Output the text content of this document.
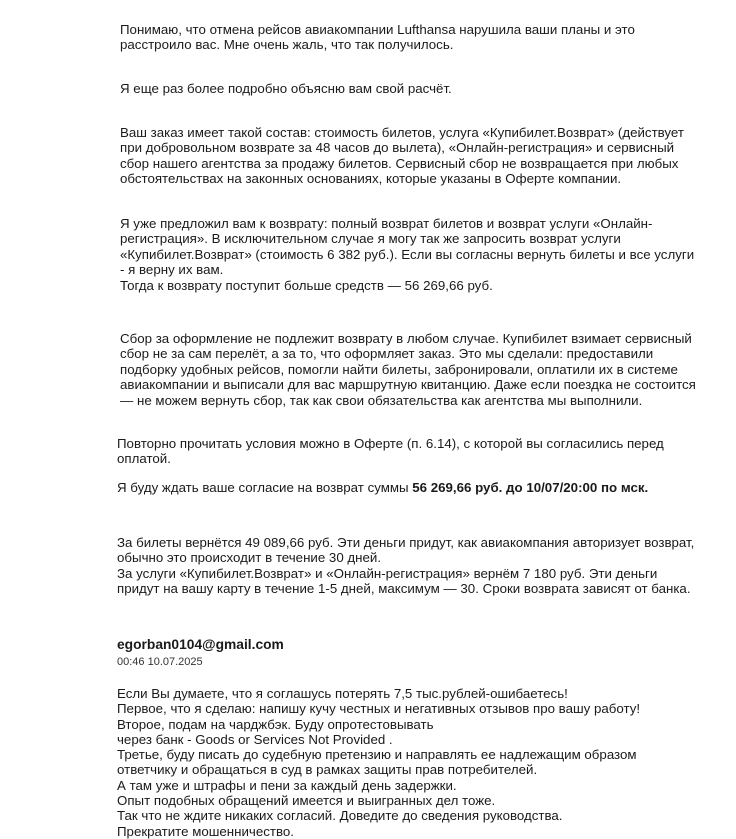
Понимаю, что отмена рейсов авиакомпании Lufthansa нарушила ваши планы и это
расстроило вас. Мне очень жаль, что так получилось.

Я еще раз более подробно объясню вам свой расчёт.

Ваш заказ имеет такой состав: стоимость билетов, услуга «Купибилет.Возврат» (действует
при добровольном возврате за 48 часов до вылета), «Онлайн-регистрация» и сервисный
сбор нашего агентства за продажу билетов. Сервисный сбор не возвращается при любых
обстоятельствах на законных основаниях, которые указаны в Оферте компании.

Я уже предложил вам к возврату: полный возврат билетов и возврат услуги «Онлайн-
регистрация». В исключительном случае я могу так же запросить возврат услуги
«Купибилет.Возврат» (стоимость 6 382 руб.). Если вы согласны вернуть билеты и все услуги
- я верну их вам.
Тогда к возврату поступит больше средств — 56 269,66 руб.

Сбор за оформление не подлежит возврату в любом случае. Купибилет взимает сервисный
сбор не за сам перелёт, а за то, что оформляет заказ. Это мы сделали: предоставили
подборку удобных рейсов, помогли найти билеты, забронировали, оплатили их в системе
авиакомпании и выписали для вас маршрутную квитанцию. Даже если поездка не состоится
— не можем вернуть сбор, так как свои обязательства как агентства мы выполнили.

Повторно прочитать условия можно в Оферте (п. 6.14), с которой вы согласились перед
оплатой.

Я буду ждать ваше согласие на возврат суммы 56 269,66 руб. до 10/07/20:00 по мск.

За билеты вернётся 49 089,66 руб. Эти деньги придут, как авиакомпания авторизует возврат,
обычно это происходит в течение 30 дней.
За услуги «Купибилет.Возврат» и «Онлайн-регистрация» вернём 7 180 руб. Эти деньги
придут на вашу карту в течение 1-5 дней, максимум — 30. Сроки возврата зависят от банка.

egorban0104@gmail.com
00:46 10.07.2025
Если Вы думаете, что я соглашусь потерять 7,5 тыс.рублей-ошибаетесь!
Первое, что я сделаю: напишу кучу честных и негативных отзывов про вашу работу!
Второе, подам на чарджбэк. Буду опротестовывать
через банк - Goods or Services Not Provided .
Третье, буду писать до судебную претензию и направлять ее надлежащим образом
ответчику и обращаться в суд в рамках защиты прав потребителей.
А там уже и штрафы и пени за каждый день задержки.
Опыт подобных обращений имеется и выигранных дел тоже.
Так что не ждите никаких согласий. Доведите до сведения руководства.
Прекратите мошенничество.
